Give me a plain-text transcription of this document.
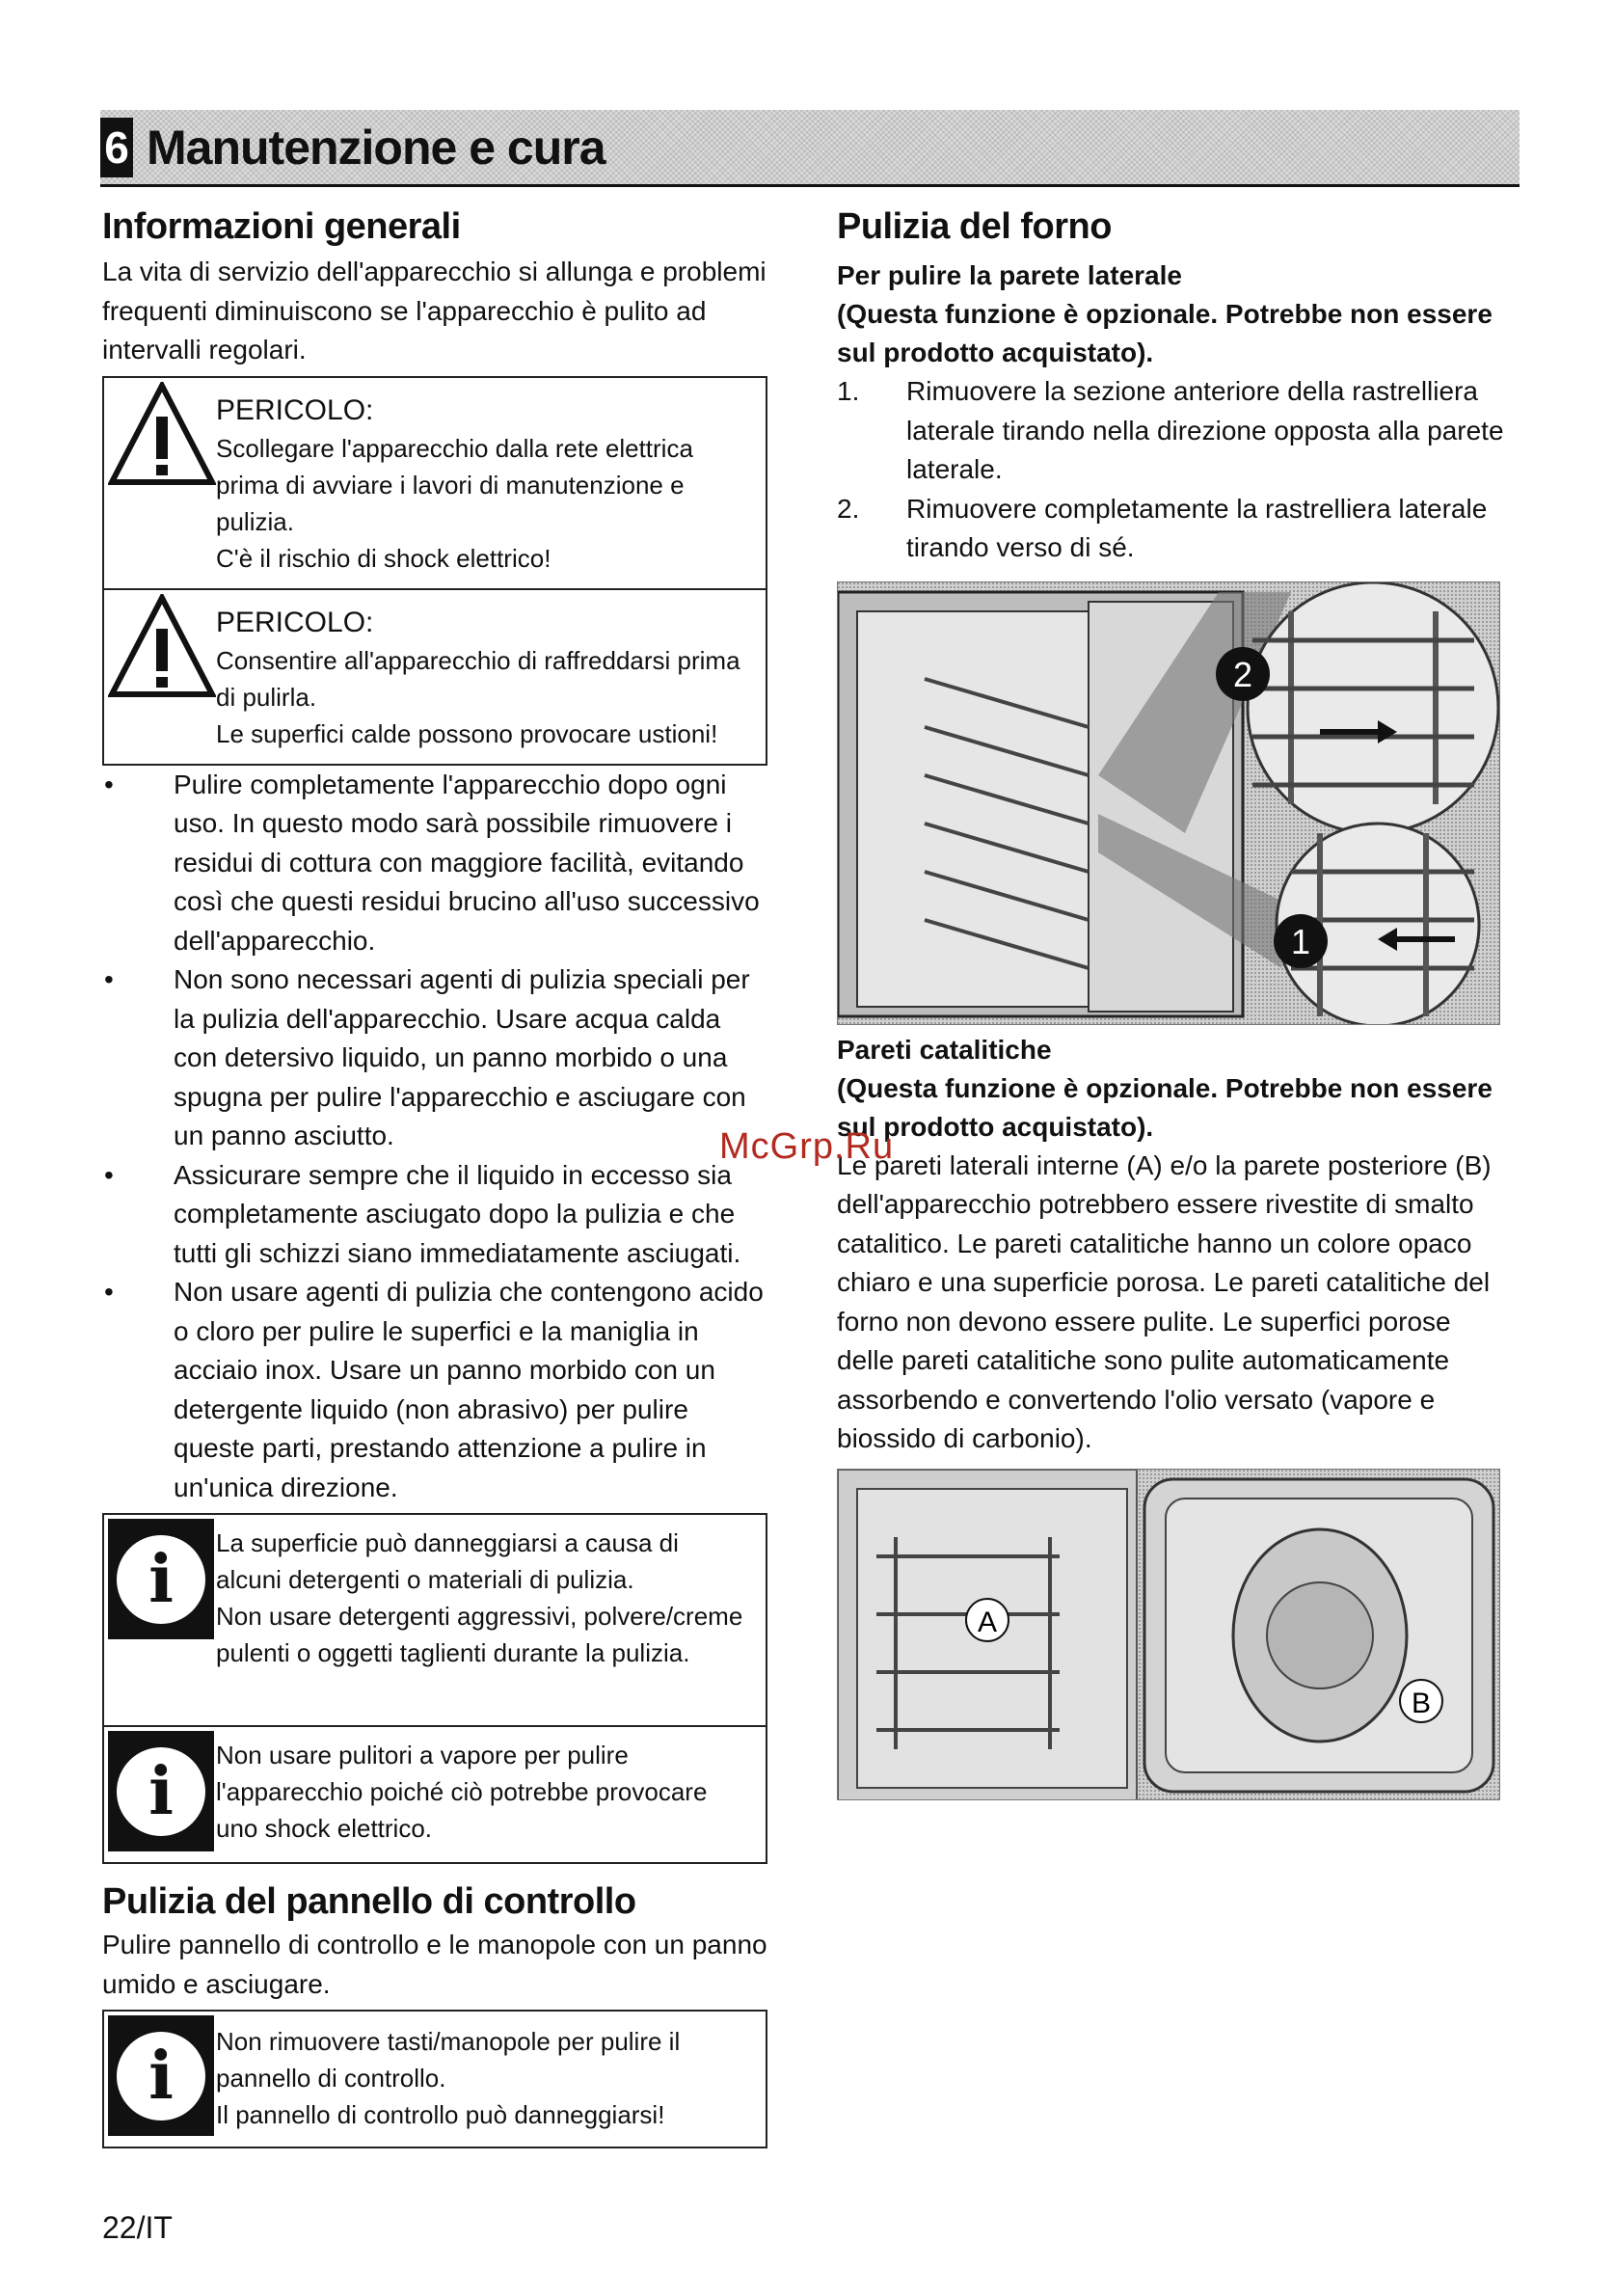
6 Manutenzione e cura
Informazioni generali

La vita di servizio dell'apparecchio si allunga e problemi frequenti diminuiscono se l'apparecchio è pulito ad intervalli regolari.

PERICOLO:
Scollegare l'apparecchio dalla rete elettrica prima di avviare i lavori di manutenzione e pulizia.
C'è il rischio di shock elettrico!
PERICOLO:
Consentire all'apparecchio di raffreddarsi prima di pulirla.
Le superfici calde possono provocare ustioni!
• Pulire completamente l'apparecchio dopo ogni uso. In questo modo sarà possibile rimuovere i residui di cottura con maggiore facilità, evitando così che questi residui brucino all'uso successivo dell'apparecchio.
• Non sono necessari agenti di pulizia speciali per la pulizia dell'apparecchio. Usare acqua calda con detersivo liquido, un panno morbido o una spugna per pulire l'apparecchio e asciugare con un panno asciutto.
• Assicurare sempre che il liquido in eccesso sia completamente asciugato dopo la pulizia e che tutti gli schizzi siano immediatamente asciugati.
• Non usare agenti di pulizia che contengono acido o cloro per pulire le superfici e la maniglia in acciaio inox. Usare un panno morbido con un detergente liquido (non abrasivo) per pulire queste parti, prestando attenzione a pulire in un'unica direzione.
i	La superficie può danneggiarsi a causa di alcuni detergenti o materiali di pulizia.
Non usare detergenti aggressivi, polvere/creme pulenti o oggetti taglienti durante la pulizia.
i	Non usare pulitori a vapore per pulire l'apparecchio poiché ciò potrebbe provocare uno shock elettrico.
Pulizia del pannello di controllo

Pulire pannello di controllo e le manopole con un panno umido e asciugare.

i	Non rimuovere tasti/manopole per pulire il pannello di controllo.
Il pannello di controllo può danneggiarsi!
Pulizia del forno
Per pulire la parete laterale
(Questa funzione è opzionale. Potrebbe non essere sul prodotto acquistato).
1. Rimuovere la sezione anteriore della rastrelliera laterale tirando nella direzione opposta alla parete laterale.
2. Rimuovere completamente la rastrelliera laterale tirando verso di sé.
2
1
Pareti catalitiche
(Questa funzione è opzionale. Potrebbe non essere sul prodotto acquistato).

Le pareti laterali interne (A) e/o la parete posteriore (B) dell'apparecchio potrebbero essere rivestite di smalto catalitico. Le pareti catalitiche hanno un colore opaco chiaro e una superficie porosa. Le pareti catalitiche del forno non devono essere pulite. Le superfici porose delle pareti catalitiche sono pulite automaticamente assorbendo e convertendo l'olio versato (vapore e biossido di carbonio).

A
B
McGrp.Ru
22/IT
